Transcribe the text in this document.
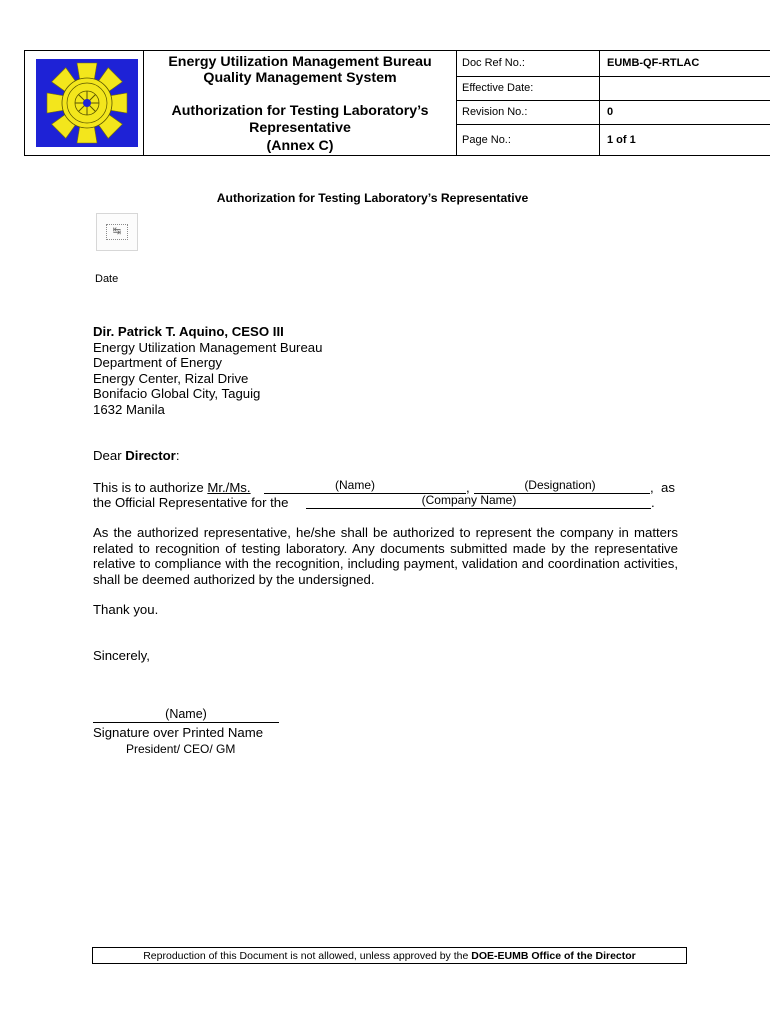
Energy Utilization Management Bureau
Quality Management System
Authorization for Testing Laboratory’s
Representative
(Annex C)
Doc Ref No.:	EUMB-QF-RTLAC
Effective Date:
Revision No.:	0
Page No.:	1 of 1
Authorization for Testing Laboratory’s Representative
↹
Date
Dir. Patrick T. Aquino, CESO III
Energy Utilization Management Bureau
Department of Energy
Energy Center, Rizal Drive
Bonifacio Global City, Taguig
1632 Manila
Dear Director:
This is to authorize Mr./Ms.	(Name)	,	(Designation)	,  as
the Official Representative for the	(Company Name)	.
As the authorized representative, he/she shall be authorized to represent the company in matters related to recognition of testing laboratory. Any documents submitted made by the representative relative to compliance with the recognition, including payment, validation and coordination activities, shall be deemed authorized by the undersigned.
Thank you.
Sincerely,
(Name)
Signature over Printed Name
President/ CEO/ GM
Reproduction of this Document is not allowed, unless approved by the DOE-EUMB Office of the Director
